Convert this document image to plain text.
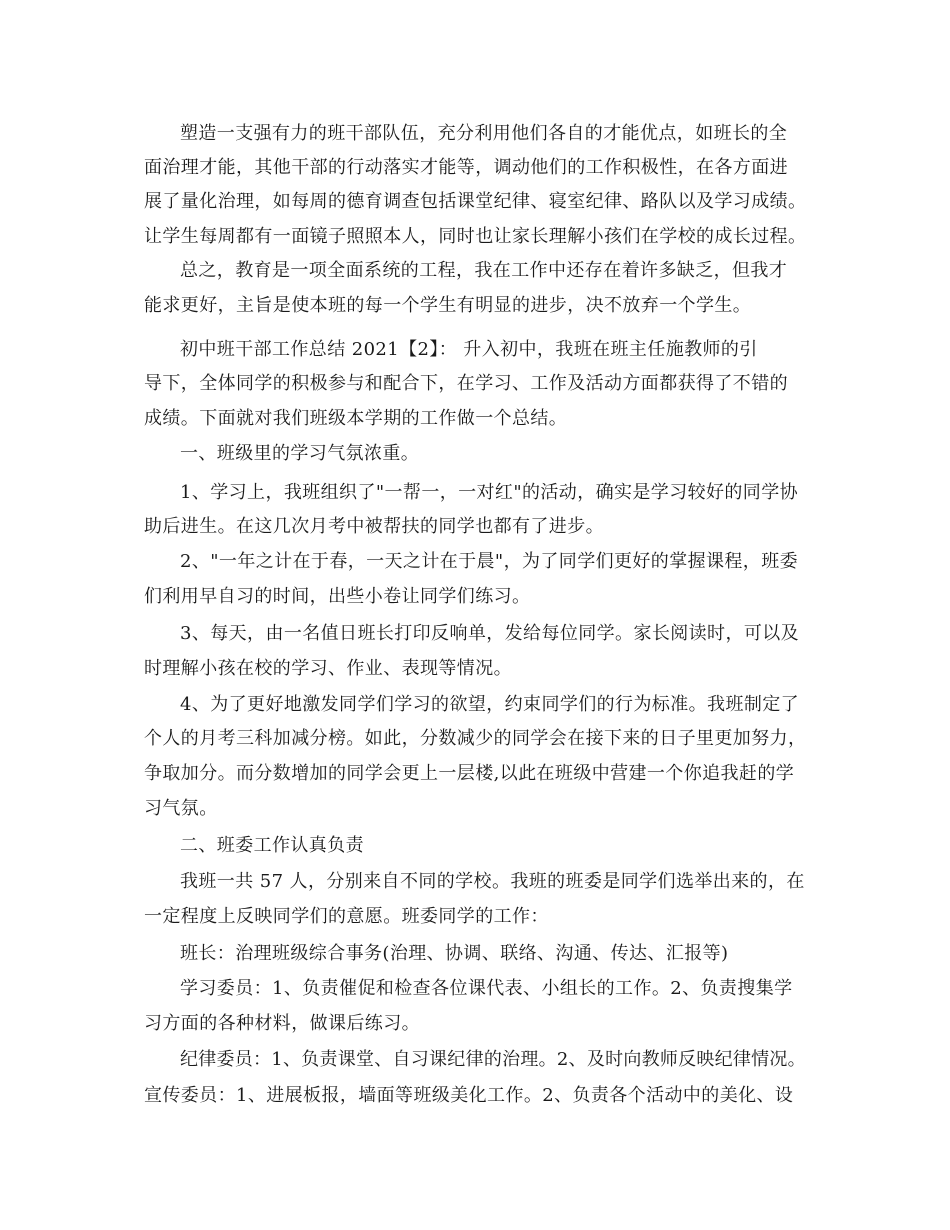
塑造一支强有力的班干部队伍，充分利用他们各自的才能优点，如班长的全

面治理才能，其他干部的行动落实才能等，调动他们的工作积极性，在各方面进

展了量化治理，如每周的德育调查包括课堂纪律、寝室纪律、路队以及学习成绩。

让学生每周都有一面镜子照照本人，同时也让家长理解小孩们在学校的成长过程。

总之，教育是一项全面系统的工程，我在工作中还存在着许多缺乏，但我才

能求更好，主旨是使本班的每一个学生有明显的进步，决不放弃一个学生。

初中班干部工作总结 2021【2】： 升入初中，我班在班主任施教师的引

导下，全体同学的积极参与和配合下，在学习、工作及活动方面都获得了不错的

成绩。下面就对我们班级本学期的工作做一个总结。

一、班级里的学习气氛浓重。

1、学习上，我班组织了"一帮一，一对红"的活动，确实是学习较好的同学协

助后进生。在这几次月考中被帮扶的同学也都有了进步。

2、"一年之计在于春，一天之计在于晨"，为了同学们更好的掌握课程，班委

们利用早自习的时间，出些小卷让同学们练习。

3、每天，由一名值日班长打印反响单，发给每位同学。家长阅读时，可以及

时理解小孩在校的学习、作业、表现等情况。

4、为了更好地激发同学们学习的欲望，约束同学们的行为标准。我班制定了

个人的月考三科加减分榜。如此，分数减少的同学会在接下来的日子里更加努力，

争取加分。而分数增加的同学会更上一层楼,以此在班级中营建一个你追我赶的学

习气氛。

二、班委工作认真负责

我班一共 57 人，分别来自不同的学校。我班的班委是同学们选举出来的，在

一定程度上反映同学们的意愿。班委同学的工作：

班长：治理班级综合事务(治理、协调、联络、沟通、传达、汇报等)

学习委员：1、负责催促和检查各位课代表、小组长的工作。2、负责搜集学

习方面的各种材料，做课后练习。

纪律委员：1、负责课堂、自习课纪律的治理。2、及时向教师反映纪律情况。

宣传委员：1、进展板报，墙面等班级美化工作。2、负责各个活动中的美化、设
